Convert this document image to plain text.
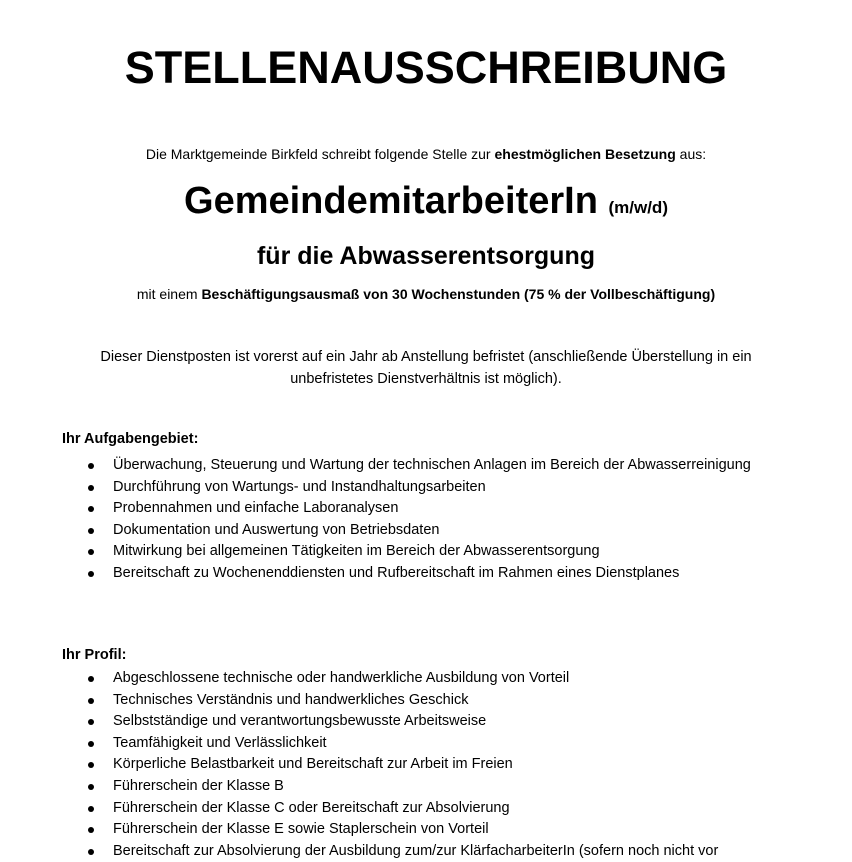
STELLENAUSSCHREIBUNG
Die Marktgemeinde Birkfeld schreibt folgende Stelle zur ehestmöglichen Besetzung aus:
GemeindemitarbeiterIn (m/w/d)
für die Abwasserentsorgung
mit einem Beschäftigungsausmaß von 30 Wochenstunden (75 % der Vollbeschäftigung)
Dieser Dienstposten ist vorerst auf ein Jahr ab Anstellung befristet (anschließende Überstellung in ein
unbefristetes Dienstverhältnis ist möglich).
Ihr Aufgabengebiet:
Überwachung, Steuerung und Wartung der technischen Anlagen im Bereich der Abwasserreinigung
Durchführung von Wartungs- und Instandhaltungsarbeiten
Probennahmen und einfache Laboranalysen
Dokumentation und Auswertung von Betriebsdaten
Mitwirkung bei allgemeinen Tätigkeiten im Bereich der Abwasserentsorgung
Bereitschaft zu Wochenenddiensten und Rufbereitschaft im Rahmen eines Dienstplanes
Ihr Profil:
Abgeschlossene technische oder handwerkliche Ausbildung von Vorteil
Technisches Verständnis und handwerkliches Geschick
Selbstständige und verantwortungsbewusste Arbeitsweise
Teamfähigkeit und Verlässlichkeit
Körperliche Belastbarkeit und Bereitschaft zur Arbeit im Freien
Führerschein der Klasse B
Führerschein der Klasse C oder Bereitschaft zur Absolvierung
Führerschein der Klasse E sowie Staplerschein von Vorteil
Bereitschaft zur Absolvierung der Ausbildung zum/zur KlärfacharbeiterIn (sofern noch nicht vor
